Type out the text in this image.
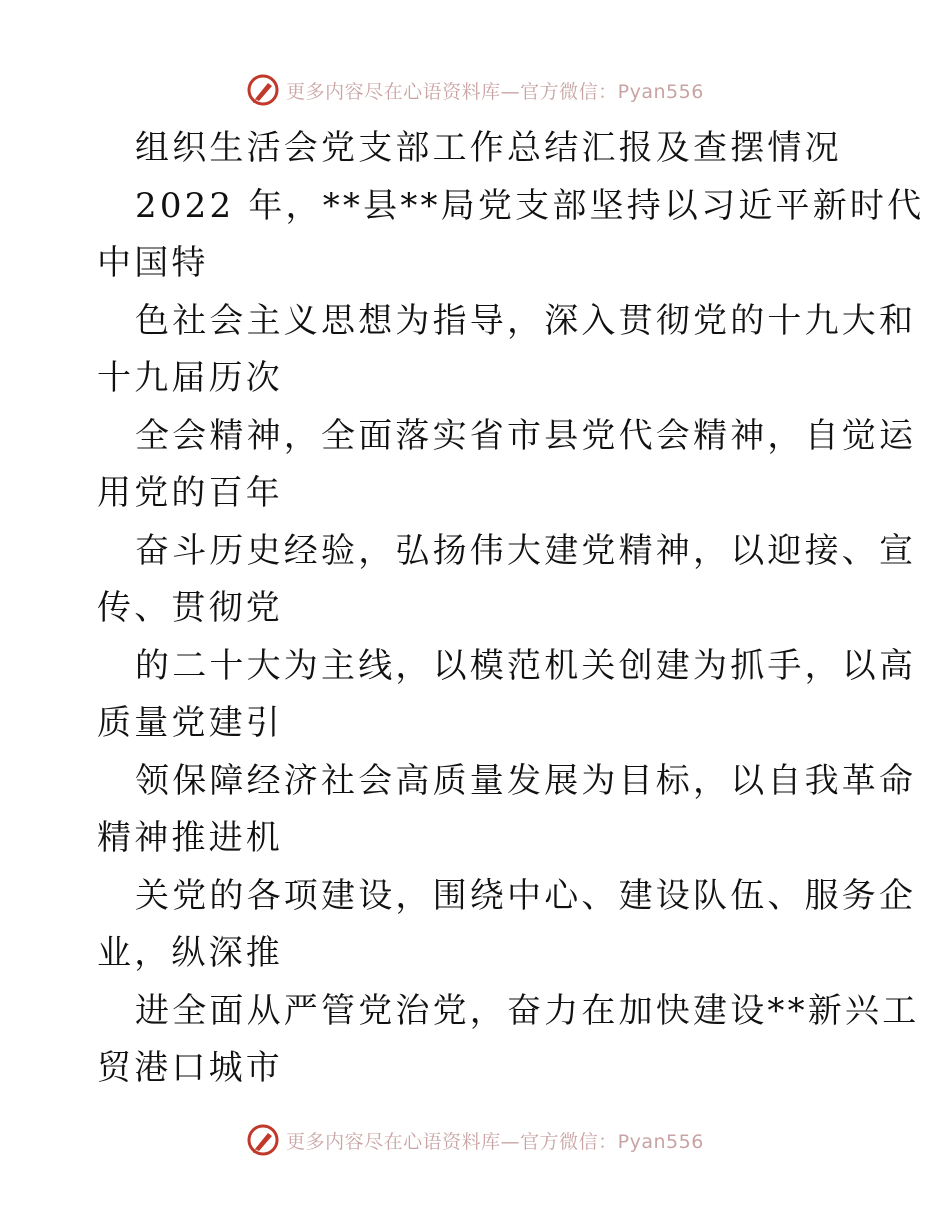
更多内容尽在心语资料库—官方微信：Pyan556
组织生活会党支部工作总结汇报及查摆情况
2022 年，**县**局党支部坚持以习近平新时代
中国特
色社会主义思想为指导，深入贯彻党的十九大和
十九届历次
全会精神，全面落实省市县党代会精神，自觉运
用党的百年
奋斗历史经验，弘扬伟大建党精神，以迎接、宣
传、贯彻党
的二十大为主线，以模范机关创建为抓手，以高
质量党建引
领保障经济社会高质量发展为目标，以自我革命
精神推进机
关党的各项建设，围绕中心、建设队伍、服务企
业，纵深推
进全面从严管党治党，奋力在加快建设**新兴工
贸港口城市
更多内容尽在心语资料库—官方微信：Pyan556
